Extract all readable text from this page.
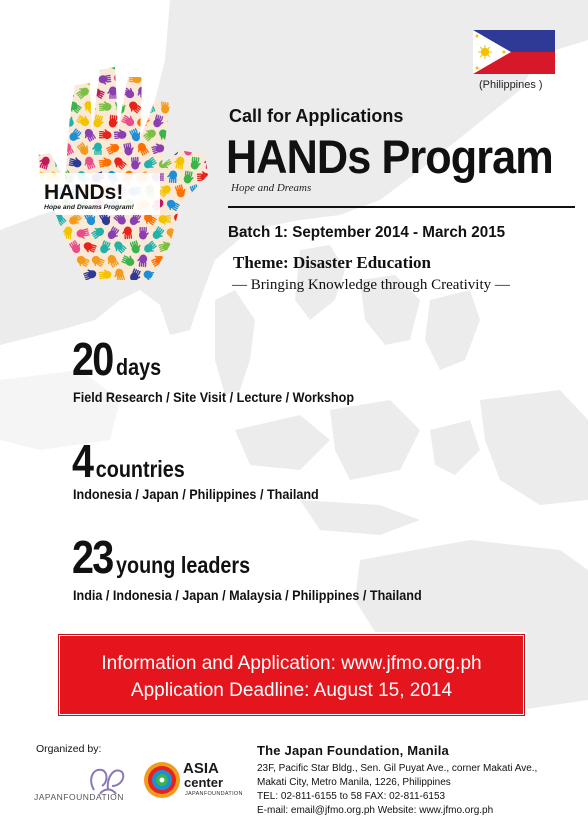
(Philippines )
HANDs!
Hope and Dreams Program!
Call for Applications
HANDs Program
Hope and Dreams
Batch 1: September 2014 - March 2015
Theme: Disaster Education
— Bringing Knowledge through Creativity —
20 days
Field Research / Site Visit / Lecture / Workshop
4 countries
Indonesia / Japan / Philippines / Thailand
23 young leaders
India / Indonesia / Japan / Malaysia / Philippines / Thailand
Information and Application: www.jfmo.org.ph
Application Deadline: August 15, 2014
Organized by:
JAPANFOUNDATION
ASIA
center
JAPANFOUNDATION
The Japan Foundation, Manila
23F, Pacific Star Bldg., Sen. Gil Puyat Ave., corner Makati Ave.,
Makati City, Metro Manila, 1226, Philippines
TEL: 02-811-6155 to 58 FAX: 02-811-6153
E-mail: email@jfmo.org.ph Website: www.jfmo.org.ph
